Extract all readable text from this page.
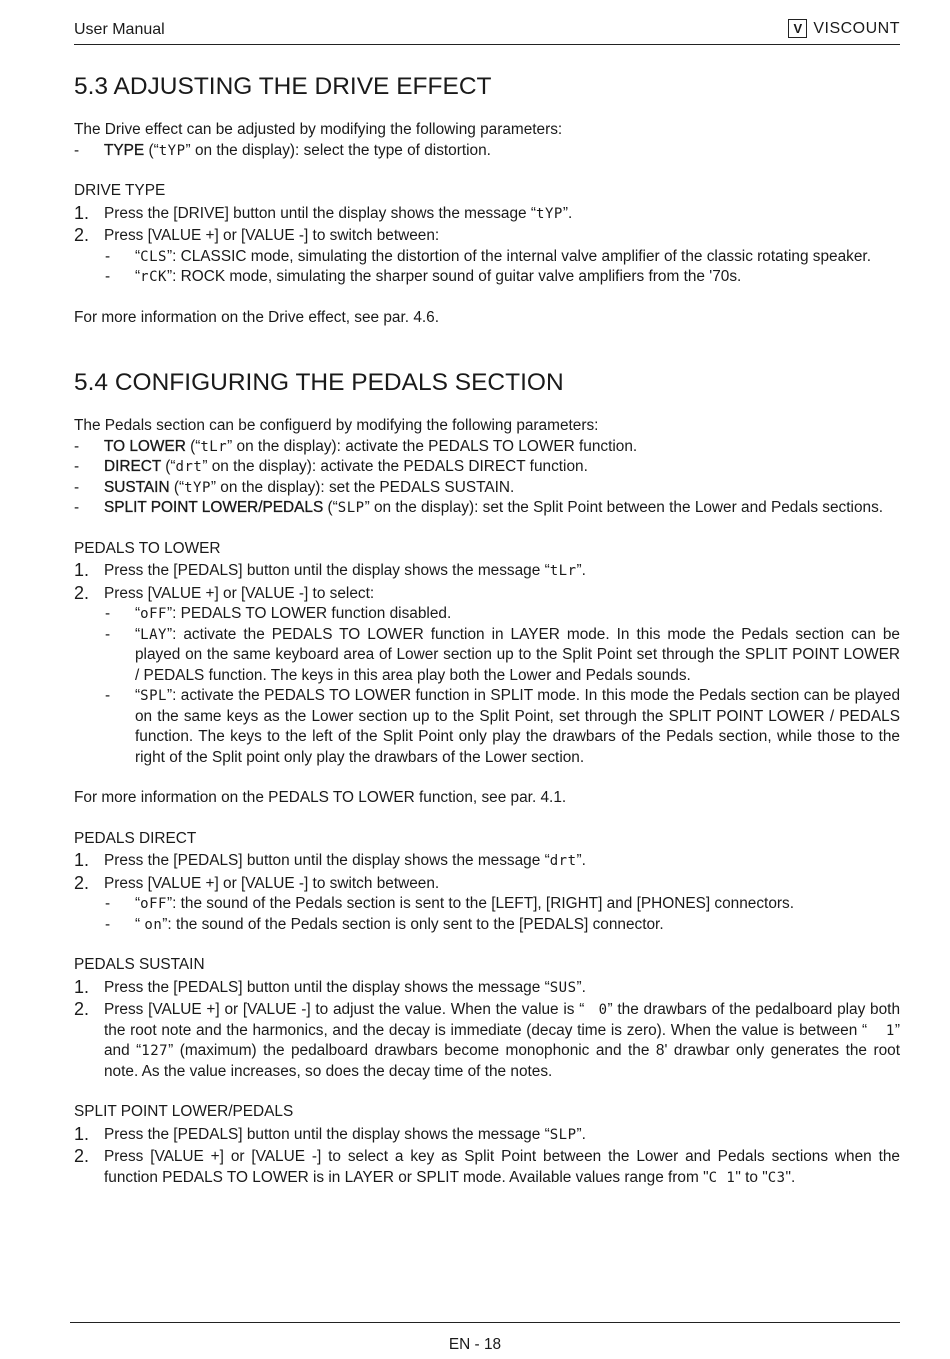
User Manual	V VISCOUNT
5.3 ADJUSTING THE DRIVE EFFECT

The Drive effect can be adjusted by modifying the following parameters:

- TYPE (“tYP” on the display): select the type of distortion.

DRIVE TYPE

1. Press the [DRIVE] button until the display shows the message “tYP”.
2. Press [VALUE +] or [VALUE -] to switch between:
- “CLS”: CLASSIC mode, simulating the distortion of the internal valve amplifier of the classic rotating speaker.
- “rCK”: ROCK mode, simulating the sharper sound of guitar valve amplifiers from the '70s.

For more information on the Drive effect, see par. 4.6.

5.4 CONFIGURING THE PEDALS SECTION

The Pedals section can be configuerd by modifying the following parameters:

- TO LOWER (“tLr” on the display): activate the PEDALS TO LOWER function.
- DIRECT (“drt” on the display): activate the PEDALS DIRECT function.
- SUSTAIN (“tYP” on the display): set the PEDALS SUSTAIN.
- SPLIT POINT LOWER/PEDALS (“SLP” on the display): set the Split Point between the Lower and Pedals sections.

PEDALS TO LOWER

1. Press the [PEDALS] button until the display shows the message “tLr”.
2. Press [VALUE +] or [VALUE -] to select:
- “oFF”: PEDALS TO LOWER function disabled.
- “LAY”: activate the PEDALS TO LOWER function in LAYER mode. In this mode the Pedals section can be played on the same keyboard area of Lower section up to the Split Point set through the SPLIT POINT LOWER / PEDALS function. The keys in this area play both the Lower and Pedals sounds.
- “SPL”: activate the PEDALS TO LOWER function in SPLIT mode. In this mode the Pedals section can be played on the same keys as the Lower section up to the Split Point, set through the SPLIT POINT LOWER / PEDALS function. The keys to the left of the Split Point only play the drawbars of the Pedals section, while those to the right of the Split point only play the drawbars of the Lower section.

For more information on the PEDALS TO LOWER function, see par. 4.1.

PEDALS DIRECT

1. Press the [PEDALS] button until the display shows the message “drt”.
2. Press [VALUE +] or [VALUE -] to switch between.
- “oFF”: the sound of the Pedals section is sent to the [LEFT], [RIGHT] and [PHONES] connectors.
- “ on”: the sound of the Pedals section is only sent to the [PEDALS] connector.

PEDALS SUSTAIN

1. Press the [PEDALS] button until the display shows the message “SUS”.
2. Press [VALUE +] or [VALUE -] to adjust the value. When the value is “ 0” the drawbars of the pedalboard play both the root note and the harmonics, and the decay is immediate (decay time is zero). When the value is between “ 1” and “127” (maximum) the pedalboard drawbars become monophonic and the 8' drawbar only generates the root note. As the value increases, so does the decay time of the notes.

SPLIT POINT LOWER/PEDALS

1. Press the [PEDALS] button until the display shows the message “SLP”.
2. Press [VALUE +] or [VALUE -] to select a key as Split Point between the Lower and Pedals sections when the function PEDALS TO LOWER is in LAYER or SPLIT mode. Available values range from "C 1" to "C3".
EN - 18
